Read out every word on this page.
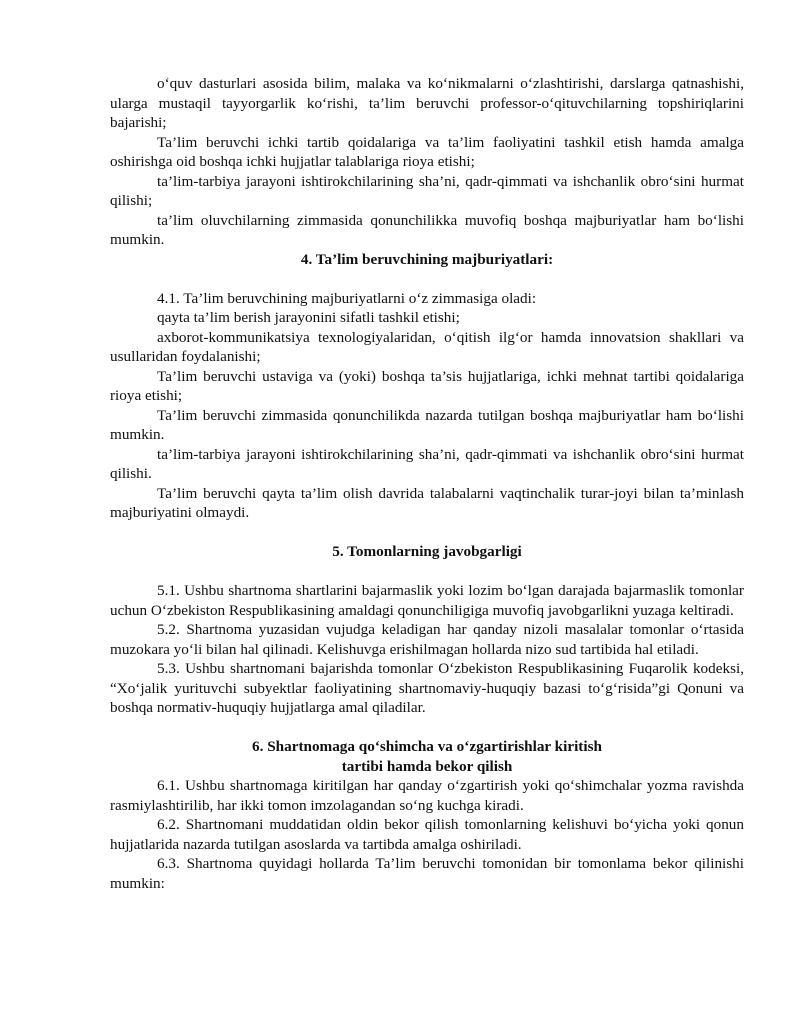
o‘quv dasturlari asosida bilim, malaka va ko‘nikmalarni o‘zlashtirishi, darslarga qatnashishi, ularga mustaqil tayyorgarlik ko‘rishi, ta’lim beruvchi professor-o‘qituvchilarning topshiriqlarini bajarishi;

Ta’lim beruvchi ichki tartib qoidalariga va ta’lim faoliyatini tashkil etish hamda amalga oshirishga oid boshqa ichki hujjatlar talablariga rioya etishi;

ta’lim-tarbiya jarayoni ishtirokchilarining sha’ni, qadr-qimmati va ishchanlik obro‘sini hurmat qilishi;

ta’lim oluvchilarning zimmasida qonunchilikka muvofiq boshqa majburiyatlar ham bo‘lishi mumkin.

4. Ta’lim beruvchining majburiyatlari:

4.1. Ta’lim beruvchining majburiyatlarni o‘z zimmasiga oladi:

qayta ta’lim berish jarayonini sifatli tashkil etishi;

axborot-kommunikatsiya texnologiyalaridan, o‘qitish ilg‘or hamda innovatsion shakllari va usullaridan foydalanishi;

Ta’lim beruvchi ustaviga va (yoki) boshqa ta’sis hujjatlariga, ichki mehnat tartibi qoidalariga rioya etishi;

Ta’lim beruvchi zimmasida qonunchilikda nazarda tutilgan boshqa majburiyatlar ham bo‘lishi mumkin.

ta’lim-tarbiya jarayoni ishtirokchilarining sha’ni, qadr-qimmati va ishchanlik obro‘sini hurmat qilishi.

Ta’lim beruvchi qayta ta’lim olish davrida talabalarni vaqtinchalik turar-joyi bilan ta’minlash majburiyatini olmaydi.

5. Tomonlarning javobgarligi

5.1. Ushbu shartnoma shartlarini bajarmaslik yoki lozim bo‘lgan darajada bajarmaslik tomonlar uchun O‘zbekiston Respublikasining amaldagi qonunchiligiga muvofiq javobgarlikni yuzaga keltiradi.

5.2. Shartnoma yuzasidan vujudga keladigan har qanday nizoli masalalar tomonlar o‘rtasida muzokara yo‘li bilan hal qilinadi. Kelishuvga erishilmagan hollarda nizo sud tartibida hal etiladi.

5.3. Ushbu shartnomani bajarishda tomonlar O‘zbekiston Respublikasining Fuqarolik kodeksi, “Xo‘jalik yurituvchi subyektlar faoliyatining shartnomaviy-huquqiy bazasi to‘g‘risida”gi Qonuni va boshqa normativ-huquqiy hujjatlarga amal qiladilar.

6. Shartnomaga qo‘shimcha va o‘zgartirishlar kiritish

tartibi hamda bekor qilish

6.1. Ushbu shartnomaga kiritilgan har qanday o‘zgartirish yoki qo‘shimchalar yozma ravishda rasmiylashtirilib, har ikki tomon imzolagandan so‘ng kuchga kiradi.

6.2. Shartnomani muddatidan oldin bekor qilish tomonlarning kelishuvi bo‘yicha yoki qonun hujjatlarida nazarda tutilgan asoslarda va tartibda amalga oshiriladi.

6.3. Shartnoma quyidagi hollarda Ta’lim beruvchi tomonidan bir tomonlama bekor qilinishi mumkin:
